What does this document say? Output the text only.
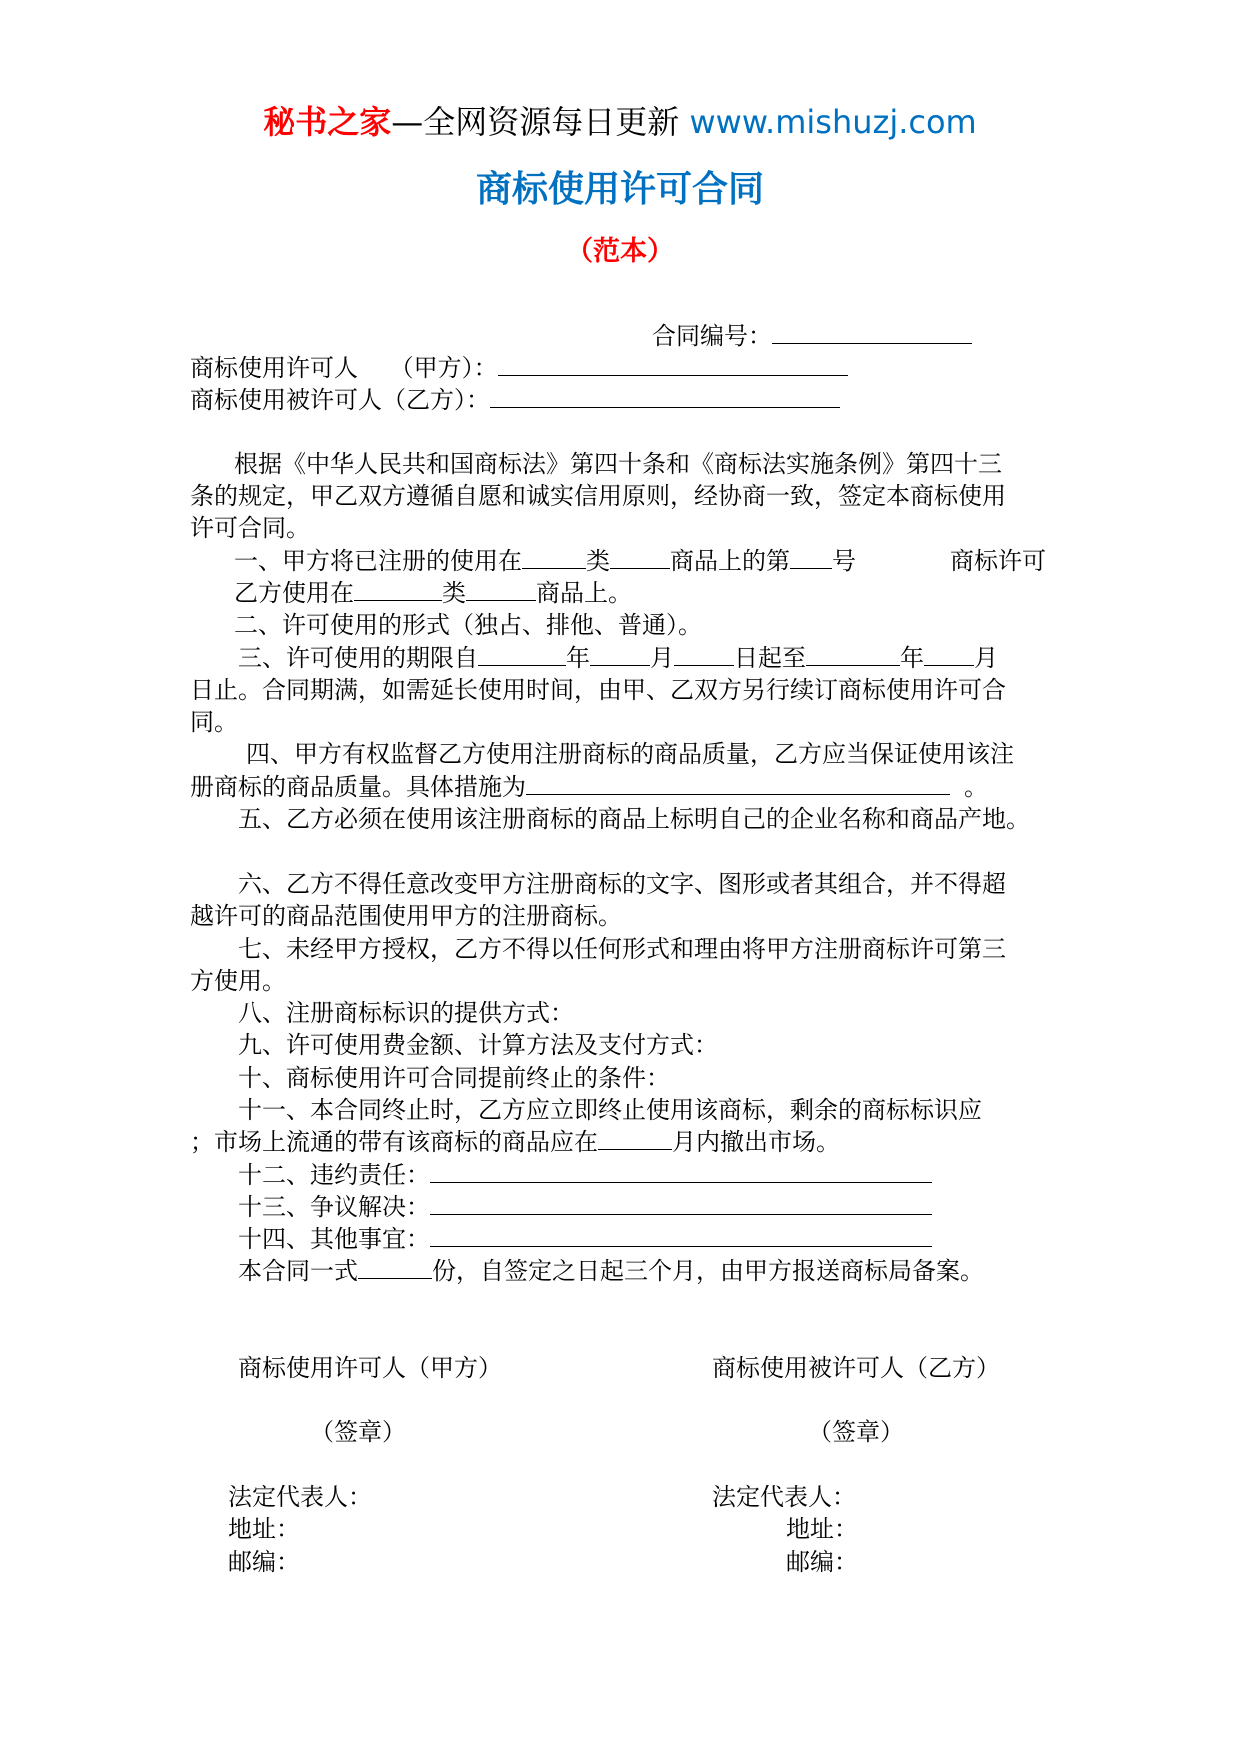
秘书之家—全网资源每日更新 www.mishuzj.com
商标使用许可合同
（范本）
合同编号：
商标使用许可人　 （甲方）：
商标使用被许可人（乙方）：
根据《中华人民共和国商标法》第四十条和《商标法实施条例》第四十三
条的规定，甲乙双方遵循自愿和诚实信用原则，经协商一致，签定本商标使用
许可合同。
一、甲方将已注册的使用在	类	商品上的第 号	商标许可
乙方使用在	类	商品上。
二、许可使用的形式（独占、排他、普通）。
三、许可使用的期限自	年	月	日起至	年 月
日止。合同期满，如需延长使用时间，由甲、乙双方另行续订商标使用许可合
同。
四、甲方有权监督乙方使用注册商标的商品质量，乙方应当保证使用该注
册商标的商品质量。具体措施为	。
五、乙方必须在使用该注册商标的商品上标明自己的企业名称和商品产地。
六、乙方不得任意改变甲方注册商标的文字、图形或者其组合，并不得超
越许可的商品范围使用甲方的注册商标。
七、未经甲方授权，乙方不得以任何形式和理由将甲方注册商标许可第三
方使用。
八、注册商标标识的提供方式：
九、许可使用费金额、计算方法及支付方式：
十、商标使用许可合同提前终止的条件：
十一、本合同终止时，乙方应立即终止使用该商标，剩余的商标标识应
；市场上流通的带有该商标的商品应在	月内撤出市场。
十二、违约责任：
十三、争议解决：
十四、其他事宜：
本合同一式	份，自签定之日起三个月，由甲方报送商标局备案。
商标使用许可人（甲方）
（签章）
法定代表人：
地址：
邮编：
商标使用被许可人（乙方）
（签章）
法定代表人：
地址：
邮编：
